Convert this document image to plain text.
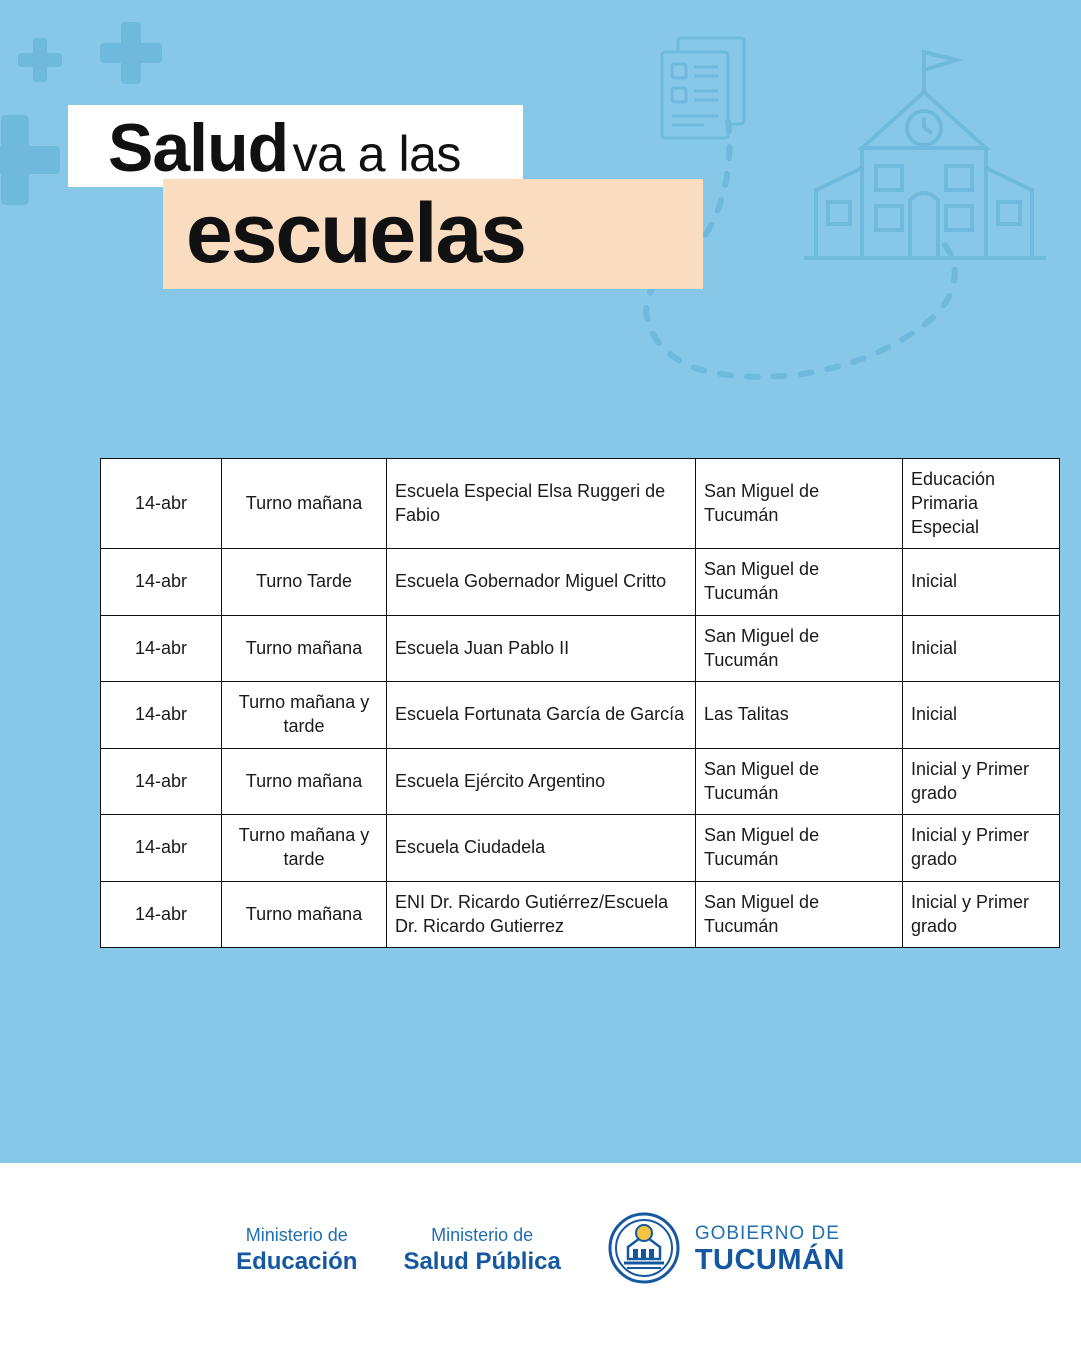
Salud va a las
escuelas
14-abr	Turno mañana	Escuela Especial Elsa Ruggeri de Fabio	San Miguel de Tucumán	Educación Primaria Especial
14-abr	Turno Tarde	Escuela Gobernador Miguel Critto	San Miguel de Tucumán	Inicial
14-abr	Turno mañana	Escuela Juan Pablo II	San Miguel de Tucumán	Inicial
14-abr	Turno mañana y tarde	Escuela Fortunata García de García	Las Talitas	Inicial
14-abr	Turno mañana	Escuela Ejército Argentino	San Miguel de Tucumán	Inicial y Primer grado
14-abr	Turno mañana y tarde	Escuela Ciudadela	San Miguel de Tucumán	Inicial y Primer grado
14-abr	Turno mañana	ENI Dr. Ricardo Gutiérrez/Escuela Dr. Ricardo Gutierrez	San Miguel de Tucumán	Inicial y Primer grado
Ministerio de
Educación
Ministerio de
Salud Pública
GOBIERNO DE
TUCUMÁN
